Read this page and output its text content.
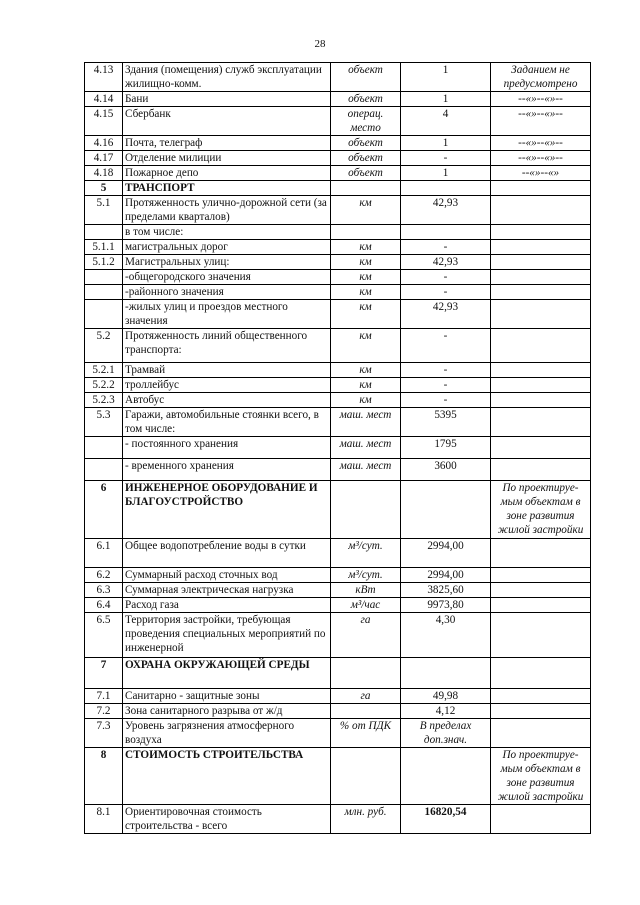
28
4.13	Здания (помещения) служб эксплуатации жилищно-комм.	объект	1	Заданием не предусмотрено
4.14	Бани	объект	1	--«»--«»--
4.15	Сбербанк	операц. место	4	--«»--«»--
4.16	Почта, телеграф	объект	1	--«»--«»--
4.17	Отделение милиции	объект	-	--«»--«»--
4.18	Пожарное депо	объект	1	--«»--«»
5	ТРАНСПОРТ			
5.1	Протяженность улично-дорожной сети (за пределами кварталов)	км	42,93	
	в том числе:			
5.1.1	магистральных дорог	км	-	
5.1.2	Магистральных улиц:	км	42,93	
	-общегородского значения	км	-	
	-районного значения	км	-	
	-жилых улиц и проездов местного значения	км	42,93	
5.2	Протяженность линий общественного транспорта:	км	-	
5.2.1	Трамвай	км	-	
5.2.2	троллейбус	км	-	
5.2.3	Автобус	км	-	
5.3	Гаражи, автомобильные стоянки всего, в том числе:	маш. мест	5395	
	- постоянного хранения	маш. мест	1795	
	- временного хранения	маш. мест	3600	
6	ИНЖЕНЕРНОЕ ОБОРУДОВАНИЕ И БЛАГОУСТРОЙСТВО			По проектируе-мым объектам в зоне развития жилой застройки
6.1	Общее водопотребление воды в сутки	м³/сут.	2994,00	
6.2	Суммарный расход сточных вод	м³/сут.	2994,00	
6.3	Суммарная электрическая нагрузка	кВт	3825,60	
6.4	Расход газа	м³/час	9973,80	
6.5	Территория застройки, требующая проведения специальных мероприятий по инженерной	га	4,30	
7	ОХРАНА ОКРУЖАЮЩЕЙ СРЕДЫ			
7.1	Санитарно - защитные зоны	га	49,98	
7.2	Зона санитарного разрыва от ж/д		4,12	
7.3	Уровень загрязнения атмосферного воздуха	% от ПДК	В пределах доп.знач.	
8	СТОИМОСТЬ СТРОИТЕЛЬСТВА			По проектируе-мым объектам в зоне развития жилой застройки
8.1	Ориентировочная стоимость строительства - всего	млн. руб.	16820,54	
